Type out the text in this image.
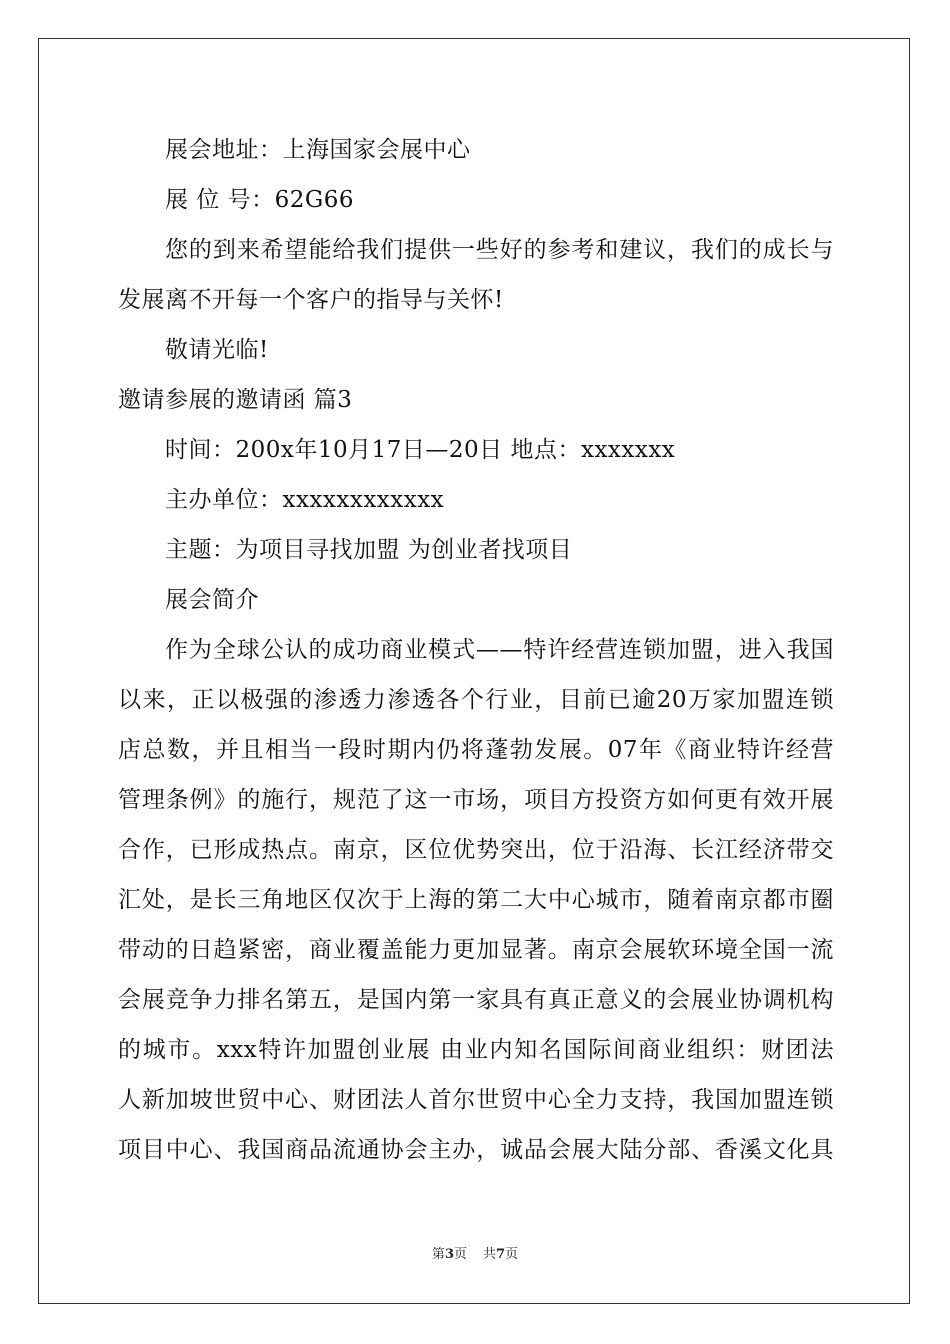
展会地址：上海国家会展中心
展 位 号：62G66
您的到来希望能给我们提供一些好的参考和建议，我们的成长与
发展离不开每一个客户的指导与关怀!
敬请光临!
邀请参展的邀请函 篇3
时间：200x年10月17日—20日 地点：xxxxxxx
主办单位：xxxxxxxxxxxx
主题：为项目寻找加盟 为创业者找项目
展会简介
作为全球公认的成功商业模式——特许经营连锁加盟，进入我国
以来，正以极强的渗透力渗透各个行业，目前已逾20万家加盟连锁
店总数，并且相当一段时期内仍将蓬勃发展。07年《商业特许经营
管理条例》的施行，规范了这一市场，项目方投资方如何更有效开展
合作，已形成热点。南京，区位优势突出，位于沿海、长江经济带交
汇处，是长三角地区仅次于上海的第二大中心城市，随着南京都市圈
带动的日趋紧密，商业覆盖能力更加显著。南京会展软环境全国一流
会展竞争力排名第五，是国内第一家具有真正意义的会展业协调机构
的城市。xxx特许加盟创业展 由业内知名国际间商业组织：财团法
人新加坡世贸中心、财团法人首尔世贸中心全力支持，我国加盟连锁
项目中心、我国商品流通协会主办，诚品会展大陆分部、香溪文化具
第3页 共7页
